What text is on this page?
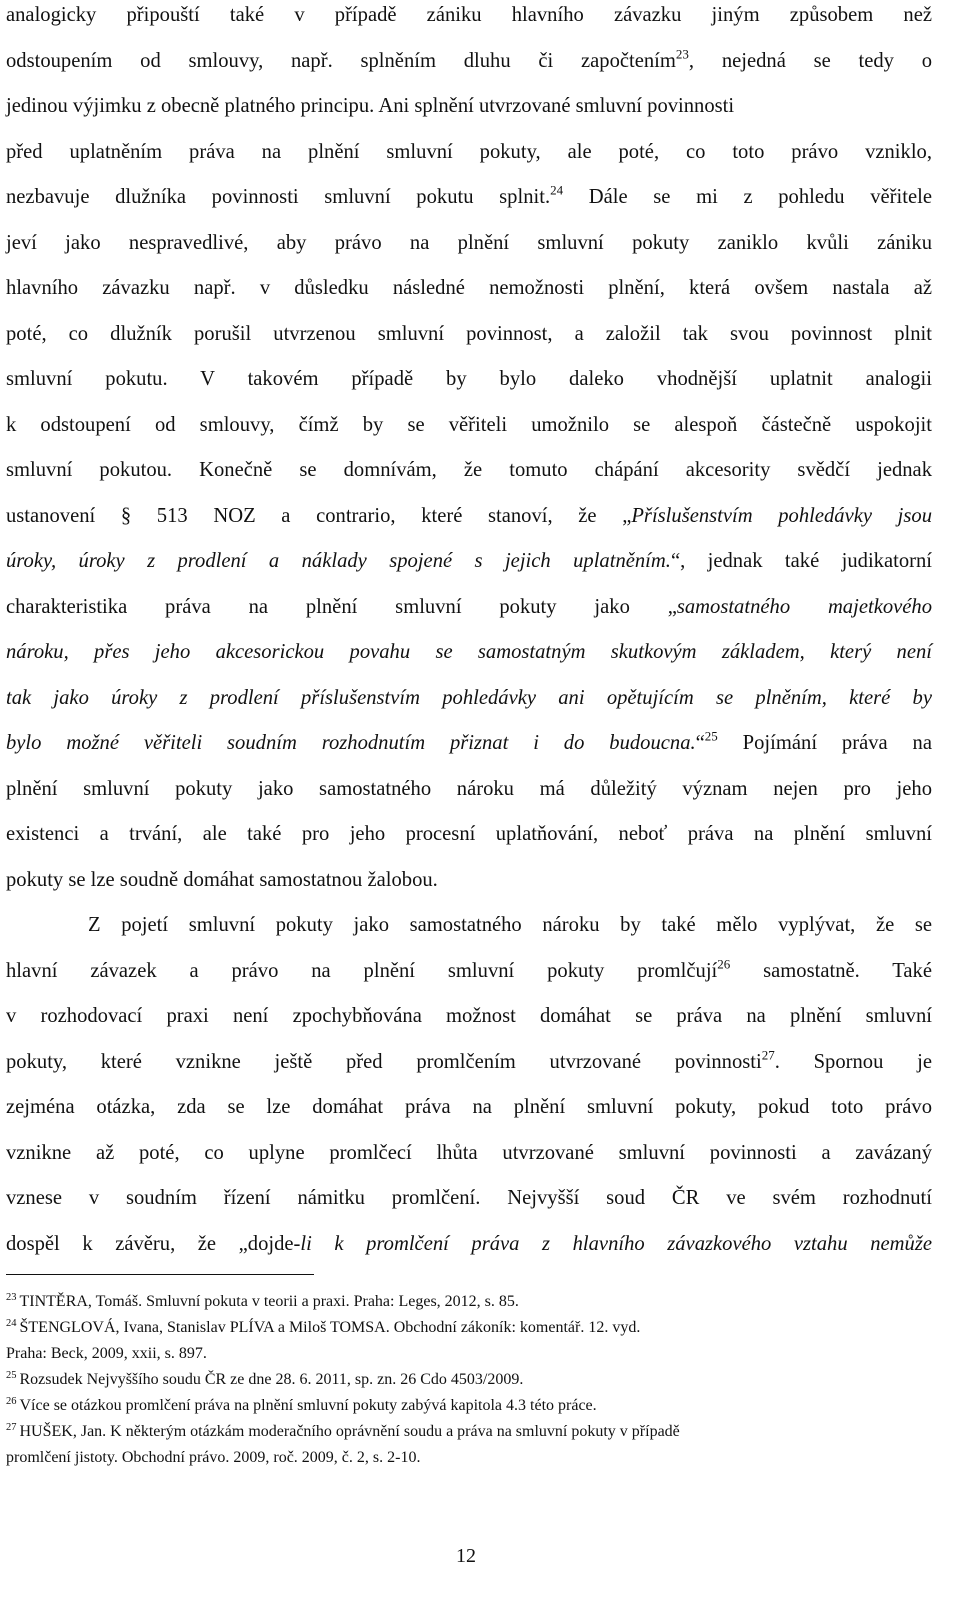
analogicky připouští také v případě zániku hlavního závazku jiným způsobem než
odstoupením od smlouvy, např. splněním dluhu či započtením$^{23}$, nejedná se tedy o
jedinou výjimku z obecně platného principu. Ani splnění utvrzované smluvní povinnosti
před uplatněním práva na plnění smluvní pokuty, ale poté, co toto právo vzniklo,
nezbavuje dlužníka povinnosti smluvní pokutu splnit.$^{24}$ Dále se mi z pohledu věřitele
jeví jako nespravedlivé, aby právo na plnění smluvní pokuty zaniklo kvůli zániku
hlavního závazku např. v důsledku následné nemožnosti plnění, která ovšem nastala až
poté, co dlužník porušil utvrzenou smluvní povinnost, a založil tak svou povinnost plnit
smluvní pokutu. V takovém případě by bylo daleko vhodnější uplatnit analogii
k odstoupení od smlouvy, čímž by se věřiteli umožnilo se alespoň částečně uspokojit
smluvní pokutou. Konečně se domnívám, že tomuto chápání akcesority svědčí jednak
ustanovení § 513 NOZ a contrario, které stanoví, že „Příslušenstvím pohledávky jsou
úroky, úroky z prodlení a náklady spojené s jejich uplatněním.“, jednak také judikatorní
charakteristika práva na plnění smluvní pokuty jako „samostatného majetkového
nároku, přes jeho akcesorickou povahu se samostatným skutkovým základem, který není
tak jako úroky z prodlení příslušenstvím pohledávky ani opětujícím se plněním, které by
bylo možné věřiteli soudním rozhodnutím přiznat i do budoucna.“$^{25}$ Pojímání práva na
plnění smluvní pokuty jako samostatného nároku má důležitý význam nejen pro jeho
existenci a trvání, ale také pro jeho procesní uplatňování, neboť práva na plnění smluvní
pokuty se lze soudně domáhat samostatnou žalobou.
Z pojetí smluvní pokuty jako samostatného nároku by také mělo vyplývat, že se
hlavní závazek a právo na plnění smluvní pokuty promlčují$^{26}$ samostatně. Také
v rozhodovací praxi není zpochybňována možnost domáhat se práva na plnění smluvní
pokuty, které vznikne ještě před promlčením utvrzované povinnosti$^{27}$. Spornou je
zejména otázka, zda se lze domáhat práva na plnění smluvní pokuty, pokud toto právo
vznikne až poté, co uplyne promlčecí lhůta utvrzované smluvní povinnosti a zavázaný
vznese v soudním řízení námitku promlčení. Nejvyšší soud ČR ve svém rozhodnutí
dospěl k závěru, že „dojde-li k promlčení práva z hlavního závazkového vztahu nemůže
$^{23}$ TINTĚRA, Tomáš. Smluvní pokuta v teorii a praxi. Praha: Leges, 2012, s. 85.
$^{24}$ ŠTENGLOVÁ, Ivana, Stanislav PLÍVA a Miloš TOMSA. Obchodní zákoník: komentář. 12. vyd.
Praha: Beck, 2009, xxii, s. 897.
$^{25}$ Rozsudek Nejvyššího soudu ČR ze dne 28. 6. 2011, sp. zn. 26 Cdo 4503/2009.
$^{26}$ Více se otázkou promlčení práva na plnění smluvní pokuty zabývá kapitola 4.3 této práce.
$^{27}$ HUŠEK, Jan. K některým otázkám moderačního oprávnění soudu a práva na smluvní pokuty v případě
promlčení jistoty. Obchodní právo. 2009, roč. 2009, č. 2, s. 2-10.
12
